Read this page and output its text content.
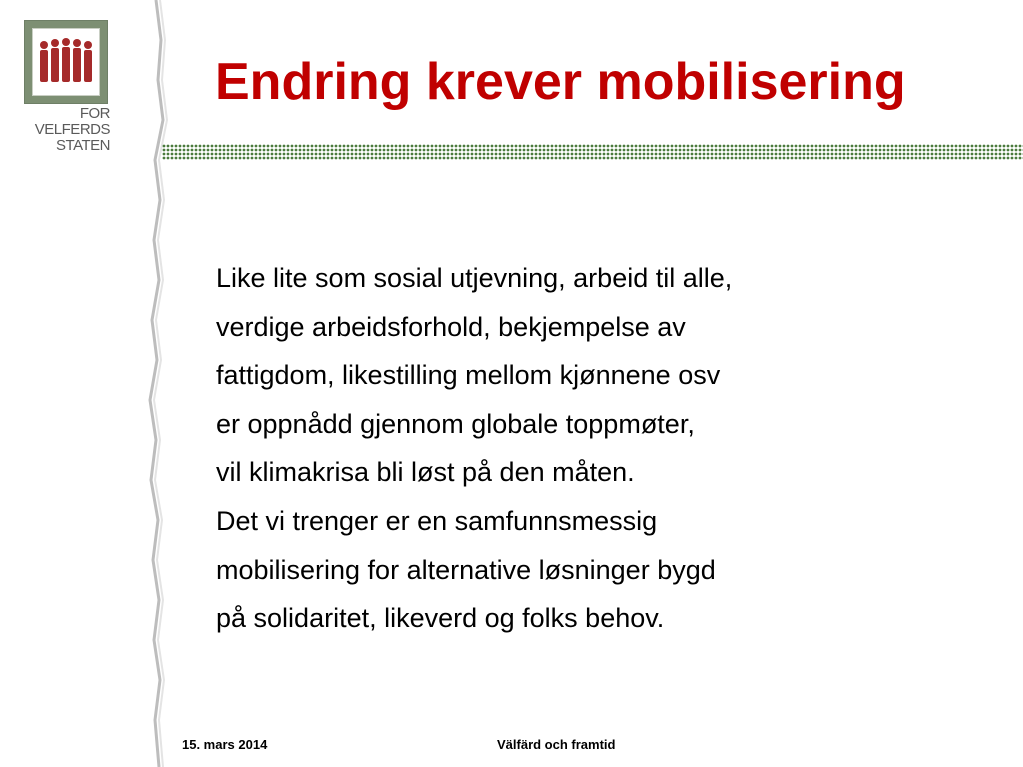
FOR
VELFERDS
STATEN
Endring krever mobilisering
Like lite som sosial utjevning, arbeid til alle,
verdige arbeidsforhold, bekjempelse av
fattigdom, likestilling mellom kjønnene osv
er oppnådd gjennom globale toppmøter,
vil klimakrisa bli løst på den måten.
Det vi trenger er en samfunnsmessig
mobilisering for alternative løsninger bygd
på solidaritet, likeverd og folks behov.
15. mars 2014	Välfärd och framtid
